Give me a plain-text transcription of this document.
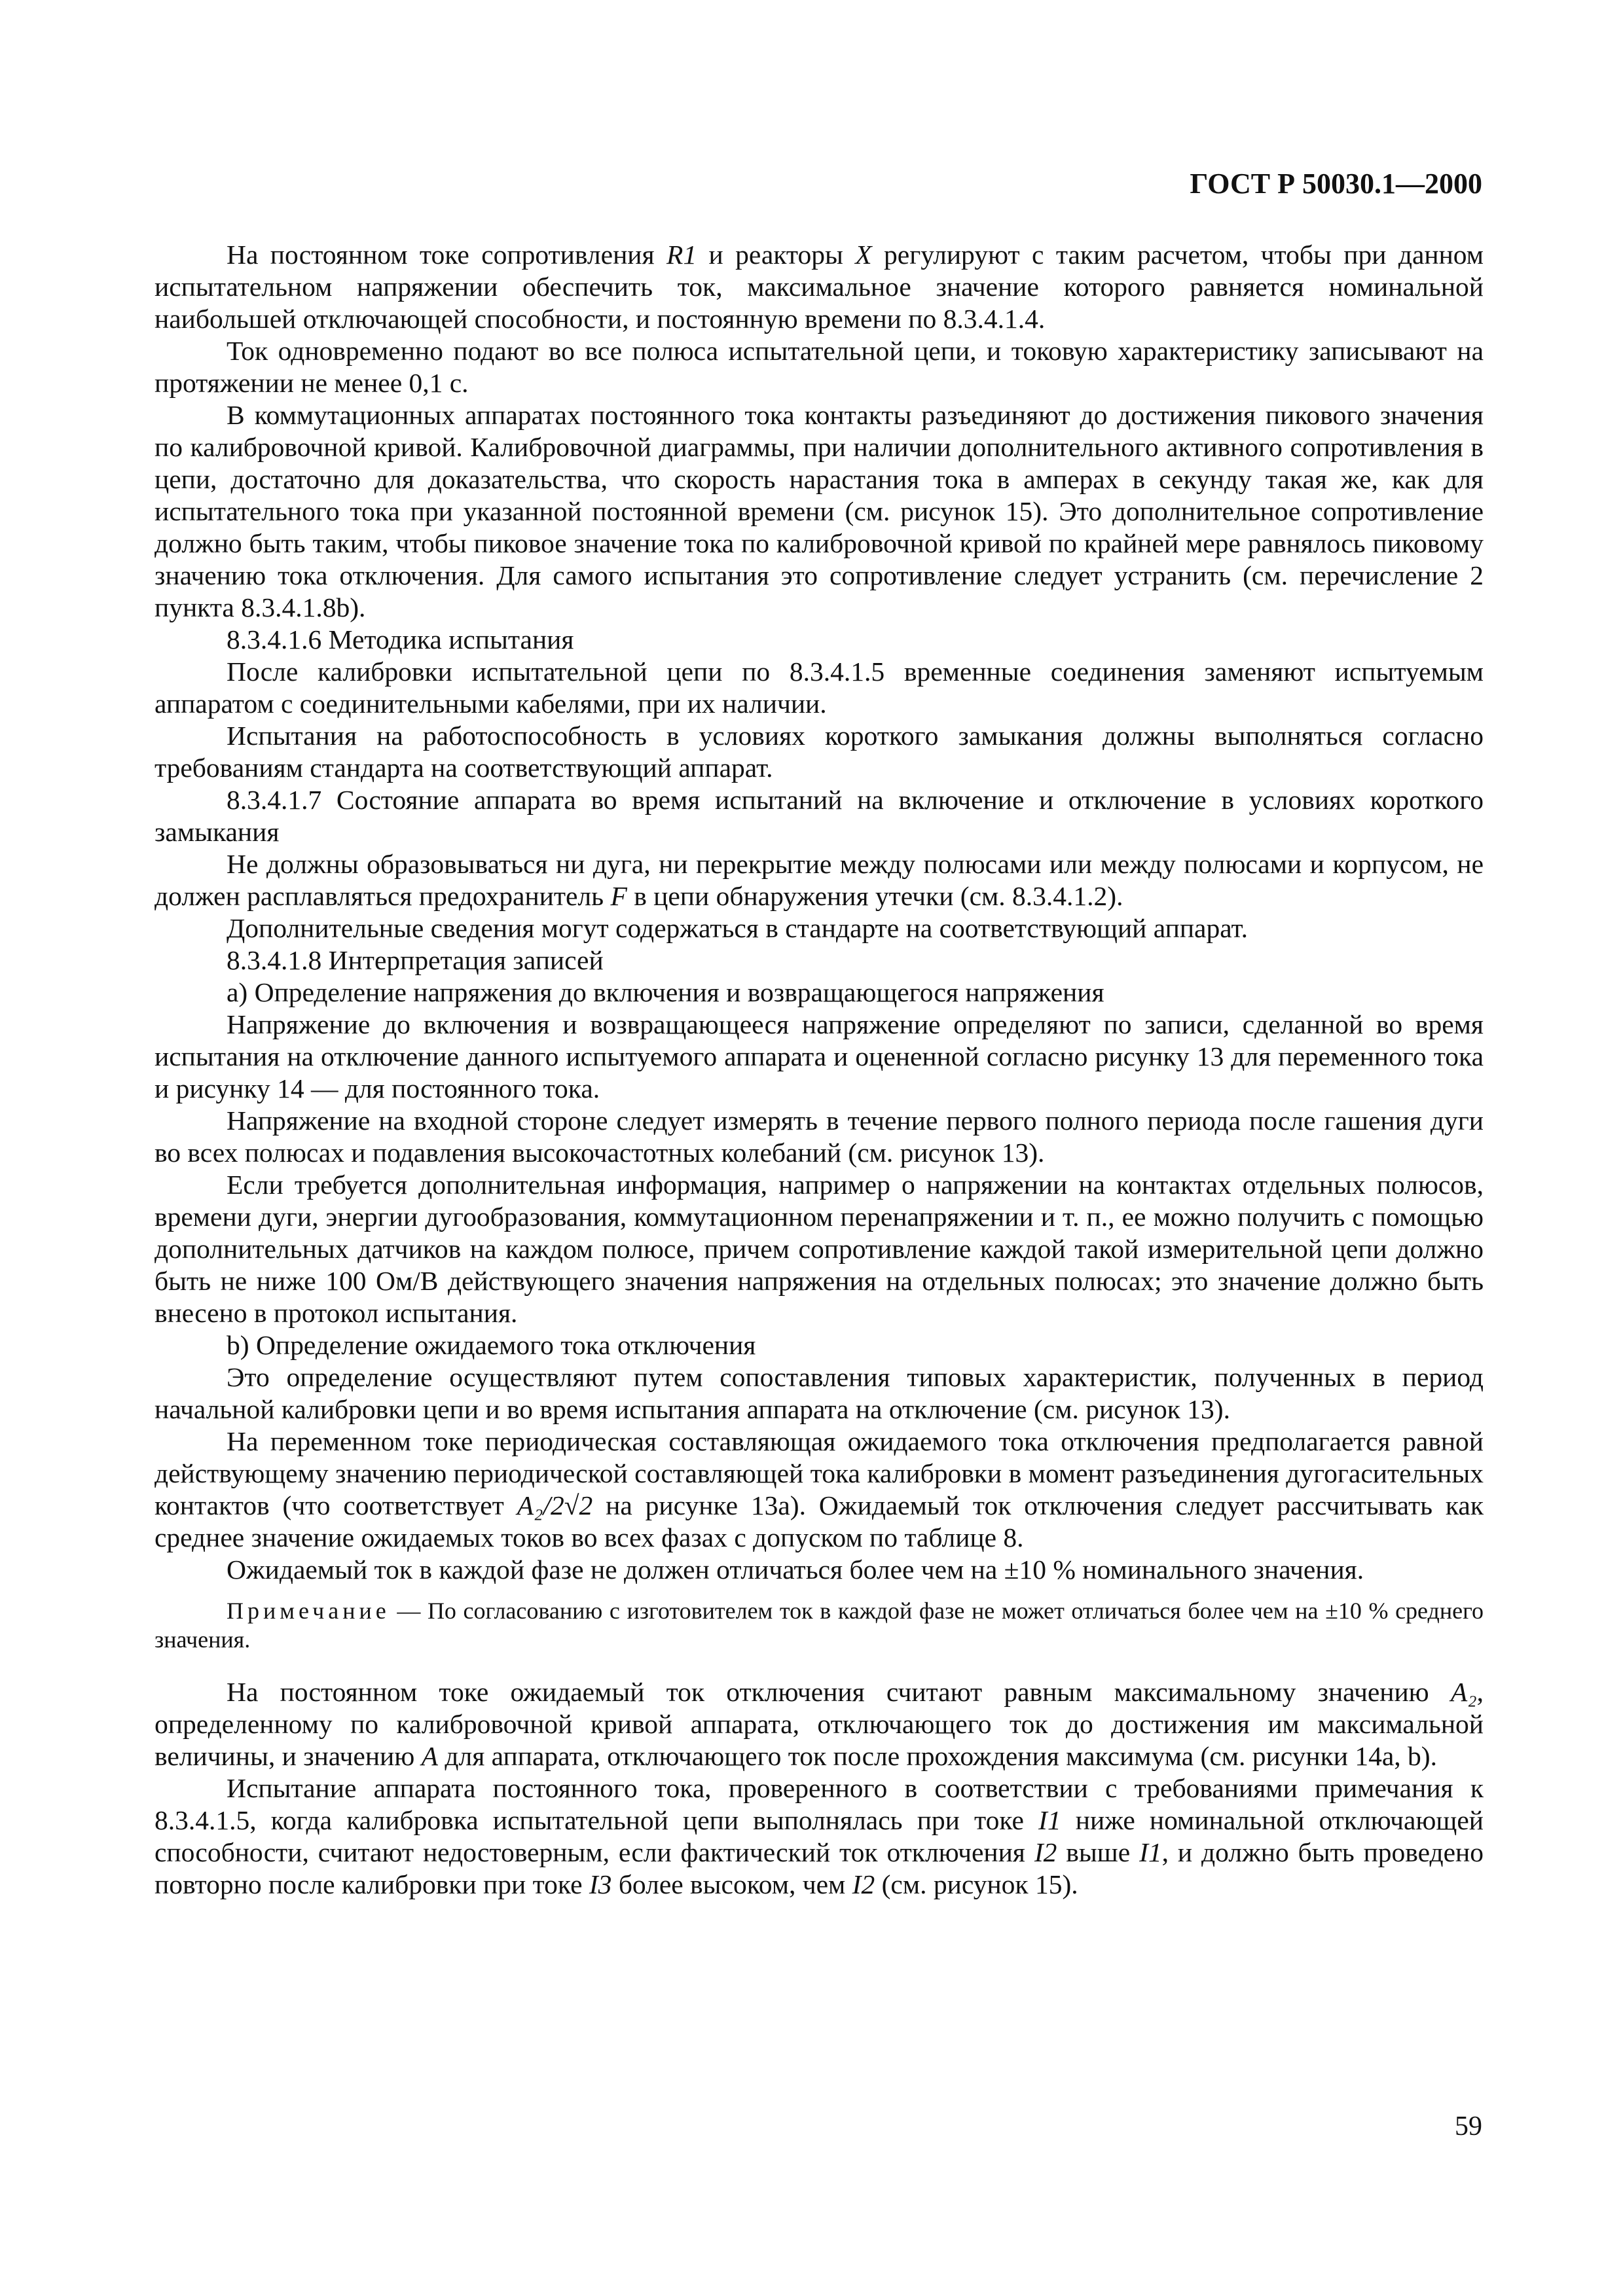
ГОСТ Р 50030.1—2000

На постоянном токе сопротивления R1 и реакторы X регулируют с таким расчетом, чтобы при данном испытательном напряжении обеспечить ток, максимальное значение которого равняется номинальной наибольшей отключающей способности, и постоянную времени по 8.3.4.1.4.

Ток одновременно подают во все полюса испытательной цепи, и токовую характеристику записывают на протяжении не менее 0,1 с.

В коммутационных аппаратах постоянного тока контакты разъединяют до достижения пикового значения по калибровочной кривой. Калибровочной диаграммы, при наличии дополнительного активного сопротивления в цепи, достаточно для доказательства, что скорость нарастания тока в амперах в секунду такая же, как для испытательного тока при указанной постоянной времени (см. рисунок 15). Это дополнительное сопротивление должно быть таким, чтобы пиковое значение тока по калибровочной кривой по крайней мере равнялось пиковому значению тока отключения. Для самого испытания это сопротивление следует устранить (см. перечисление 2 пункта 8.3.4.1.8b).

8.3.4.1.6 Методика испытания

После калибровки испытательной цепи по 8.3.4.1.5 временные соединения заменяют испытуемым аппаратом с соединительными кабелями, при их наличии.

Испытания на работоспособность в условиях короткого замыкания должны выполняться согласно требованиям стандарта на соответствующий аппарат.

8.3.4.1.7 Состояние аппарата во время испытаний на включение и отключение в условиях короткого замыкания

Не должны образовываться ни дуга, ни перекрытие между полюсами или между полюсами и корпусом, не должен расплавляться предохранитель F в цепи обнаружения утечки (см. 8.3.4.1.2).

Дополнительные сведения могут содержаться в стандарте на соответствующий аппарат.

8.3.4.1.8 Интерпретация записей

a) Определение напряжения до включения и возвращающегося напряжения

Напряжение до включения и возвращающееся напряжение определяют по записи, сделанной во время испытания на отключение данного испытуемого аппарата и оцененной согласно рисунку 13 для переменного тока и рисунку 14 — для постоянного тока.

Напряжение на входной стороне следует измерять в течение первого полного периода после гашения дуги во всех полюсах и подавления высокочастотных колебаний (см. рисунок 13).

Если требуется дополнительная информация, например о напряжении на контактах отдельных полюсов, времени дуги, энергии дугообразования, коммутационном перенапряжении и т. п., ее можно получить с помощью дополнительных датчиков на каждом полюсе, причем сопротивление каждой такой измерительной цепи должно быть не ниже 100 Ом/В действующего значения напряжения на отдельных полюсах; это значение должно быть внесено в протокол испытания.

b) Определение ожидаемого тока отключения

Это определение осуществляют путем сопоставления типовых характеристик, полученных в период начальной калибровки цепи и во время испытания аппарата на отключение (см. рисунок 13).

На переменном токе периодическая составляющая ожидаемого тока отключения предполагается равной действующему значению периодической составляющей тока калибровки в момент разъединения дугогасительных контактов (что соответствует A₂/2√2 на рисунке 13а). Ожидаемый ток отключения следует рассчитывать как среднее значение ожидаемых токов во всех фазах с допуском по таблице 8.

Ожидаемый ток в каждой фазе не должен отличаться более чем на ±10 % номинального значения.

Примечание — По согласованию с изготовителем ток в каждой фазе не может отличаться более чем на ±10 % среднего значения.

На постоянном токе ожидаемый ток отключения считают равным максимальному значению A₂, определенному по калибровочной кривой аппарата, отключающего ток до достижения им максимальной величины, и значению A для аппарата, отключающего ток после прохождения максимума (см. рисунки 14a, b).

Испытание аппарата постоянного тока, проверенного в соответствии с требованиями примечания к 8.3.4.1.5, когда калибровка испытательной цепи выполнялась при токе I1 ниже номинальной отключающей способности, считают недостоверным, если фактический ток отключения I2 выше I1, и должно быть проведено повторно после калибровки при токе I3 более высоком, чем I2 (см. рисунок 15).

59
